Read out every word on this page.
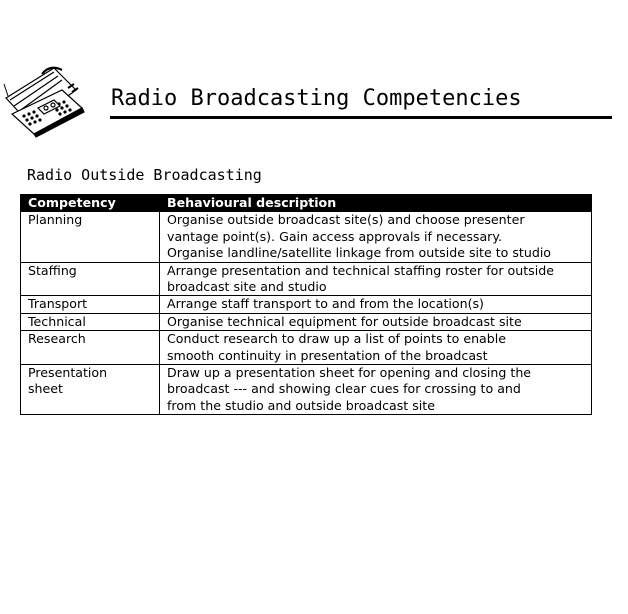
Radio Broadcasting Competencies
Radio Outside Broadcasting
Competency	Behavioural description
Planning	Organise outside broadcast site(s) and choose presenter
vantage point(s). Gain access approvals if necessary.
Organise landline/satellite linkage from outside site to studio
Staffing	Arrange presentation and technical staffing roster for outside
broadcast site and studio
Transport	Arrange staff transport to and from the location(s)
Technical	Organise technical equipment for outside broadcast site
Research	Conduct research to draw up a list of points to enable
smooth continuity in presentation of the broadcast
Presentation
sheet	Draw up a presentation sheet for opening and closing the
broadcast --- and showing clear cues for crossing to and
from the studio and outside broadcast site
